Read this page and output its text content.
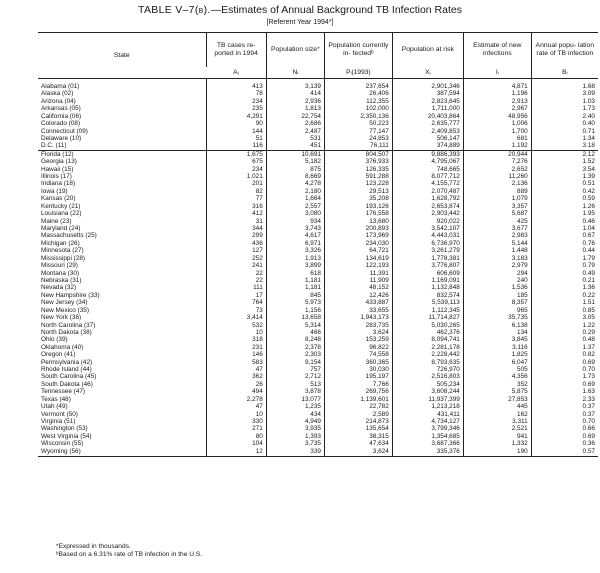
TABLE V–7(b).—Estimates of Annual Background TB Infection Rates
[Referent Year 1994*]
State	TB cases re- ported in 1994	Population size*	Population currently in- fectedᵇ	Population at risk	Estimate of new infections	Annual popu- lation rate of TB infection
	Aᵢ	Nᵢ	Pᵢ(1993)	Xᵢ	Iᵢ	Bᵢ
Alabama (01)	413	3,139	237,654	2,901,346	4,871	1.68
Alaska (02)	78	414	26,406	387,594	1,196	3.09
Arizona (04)	234	2,936	112,355	2,823,645	2,913	1.03
Arkansas (05)	235	1,813	102,000	1,711,000	2,967	1.73
California (06)	4,291	22,754	2,350,136	20,403,864	48,956	2.40
Colorado (08)	90	2,686	50,223	2,635,777	1,006	0.40
Connecticut (09)	144	2,487	77,147	2,409,853	1,700	0.71
Delaware (10)	51	531	24,853	506,147	681	1.34
D.C. (11)	116	451	76,111	374,889	1,192	3.18
Florida (12)	1,675	10,691	804,507	9,886,393	20,944	2.12
Georgia (13)	675	5,182	376,933	4,795,067	7,276	1.52
Hawaii (15)	234	875	126,335	748,665	2,652	3.54
Illinois (17)	1,021	8,669	591,288	8,077,712	11,260	1.39
Indiana (18)	201	4,278	123,228	4,155,772	2,136	0.51
Iowa (19)	82	2,180	29,513	2,070,487	889	0.42
Kansas (20)	77	1,664	35,208	1,628,792	1,079	0.59
Kentucky (21)	316	2,557	193,126	2,653,874	3,357	1.26
Louisiana (22)	412	3,080	176,558	2,903,442	5,687	1.95
Maine (23)	31	934	13,680	920,022	425	0.46
Maryland (24)	344	3,743	200,893	3,542,107	3,677	1.04
Massachusetts (25)	299	4,617	173,969	4,443,031	2,983	0.67
Michigan (26)	436	6,971	234,030	6,736,970	5,144	0.76
Minnesota (27)	127	3,326	64,721	3,261,279	1,448	0.44
Mississippi (28)	252	1,913	134,619	1,778,381	3,183	1.79
Missouri (29)	241	3,899	122,193	3,776,807	2,979	0.79
Montana (30)	22	618	11,391	606,609	294	0.49
Nebraska (31)	22	1,181	11,909	1,169,091	240	0.21
Nevada (32)	111	1,181	48,152	1,132,848	1,536	1.36
New Hampshire (33)	17	845	12,426	832,574	185	0.22
New Jersey (34)	764	5,973	433,887	5,539,113	8,357	1.51
New Mexico (35)	73	1,156	33,655	1,112,345	965	0.85
New York (36)	3,414	13,658	1,943,173	11,714,827	35,735	3.05
North Carolina (37)	532	5,314	283,735	5,030,265	6,138	1.22
North Dakota (38)	10	466	3,624	462,376	134	0.29
Ohio (39)	318	8,248	153,259	8,094,741	3,845	0.48
Oklahoma (40)	231	2,378	96,822	2,281,178	3,116	1.37
Oregon (41)	146	2,303	74,558	2,228,442	1,825	0.82
Pennsylvania (42)	583	9,154	360,365	8,793,635	6,047	0.69
Rhode Island (44)	47	757	30,030	726,970	505	0.70
South Carolina (45)	362	2,712	195,197	2,516,803	4,356	1.73
South Dakota (46)	26	513	7,766	505,234	352	0.69
Tennessee (47)	494	3,878	269,756	3,608,244	5,875	1.63
Texas (48)	2,278	13,077	1,139,601	11,937,399	27,853	2.33
Utah (49)	47	1,235	22,782	1,213,218	445	0.37
Vermont (50)	10	434	2,589	431,411	162	0.37
Virginia (51)	330	4,949	214,873	4,734,127	3,311	0.70
Washington (53)	271	3,935	135,654	3,799,346	2,521	0.66
West Virginia (54)	80	1,393	38,315	1,354,685	941	0.69
Wisconsin (55)	104	3,735	47,634	3,687,366	1,332	0.36
Wyoming (56)	12	339	3,624	335,376	190	0.57
*Expressed in thousands.
ᵇBased on a 6.31% rate of TB infection in the U.S.
